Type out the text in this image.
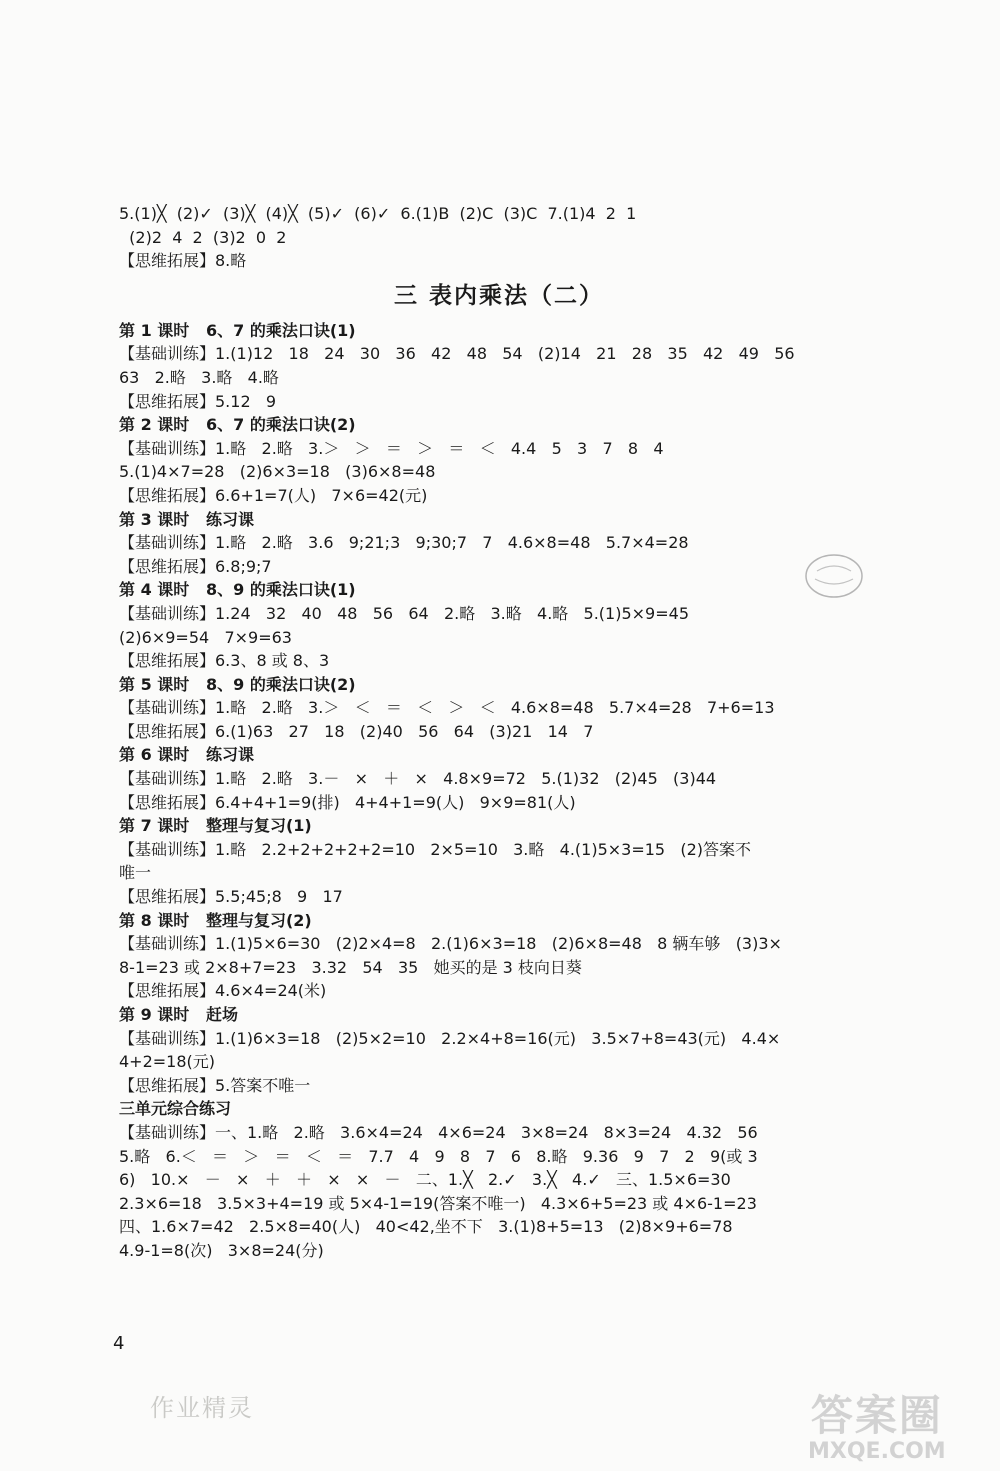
5.(1)╳  (2)✓  (3)╳  (4)╳  (5)✓  (6)✓  6.(1)B  (2)C  (3)C  7.(1)4  2  1
(2)2  4  2  (3)2  0  2
【思维拓展】8.略
三 表内乘法（二）
第 1 课时   6、7 的乘法口诀(1)
【基础训练】1.(1)12   18   24   30   36   42   48   54   (2)14   21   28   35   42   49   56
63   2.略   3.略   4.略
【思维拓展】5.12   9
第 2 课时   6、7 的乘法口诀(2)
【基础训练】1.略   2.略   3.＞   ＞   ＝   ＞   ＝   ＜   4.4   5   3   7   8   4
5.(1)4×7=28   (2)6×3=18   (3)6×8=48
【思维拓展】6.6+1=7(人)   7×6=42(元)
第 3 课时   练习课
【基础训练】1.略   2.略   3.6   9;21;3   9;30;7   7   4.6×8=48   5.7×4=28
【思维拓展】6.8;9;7
第 4 课时   8、9 的乘法口诀(1)
【基础训练】1.24   32   40   48   56   64   2.略   3.略   4.略   5.(1)5×9=45
(2)6×9=54   7×9=63
【思维拓展】6.3、8 或 8、3
第 5 课时   8、9 的乘法口诀(2)
【基础训练】1.略   2.略   3.＞   ＜   ＝   ＜   ＞   ＜   4.6×8=48   5.7×4=28   7+6=13
【思维拓展】6.(1)63   27   18   (2)40   56   64   (3)21   14   7
第 6 课时   练习课
【基础训练】1.略   2.略   3.－   ×   ＋   ×   4.8×9=72   5.(1)32   (2)45   (3)44
【思维拓展】6.4+4+1=9(排)   4+4+1=9(人)   9×9=81(人)
第 7 课时   整理与复习(1)
【基础训练】1.略   2.2+2+2+2+2=10   2×5=10   3.略   4.(1)5×3=15   (2)答案不
唯一
【思维拓展】5.5;45;8   9   17
第 8 课时   整理与复习(2)
【基础训练】1.(1)5×6=30   (2)2×4=8   2.(1)6×3=18   (2)6×8=48   8 辆车够   (3)3×
8-1=23 或 2×8+7=23   3.32   54   35   她买的是 3 枝向日葵
【思维拓展】4.6×4=24(米)
第 9 课时   赶场
【基础训练】1.(1)6×3=18   (2)5×2=10   2.2×4+8=16(元)   3.5×7+8=43(元)   4.4×
4+2=18(元)
【思维拓展】5.答案不唯一
三单元综合练习
【基础训练】一、1.略   2.略   3.6×4=24   4×6=24   3×8=24   8×3=24   4.32   56
5.略   6.＜   ＝   ＞   ＝   ＜   ＝   7.7   4   9   8   7   6   8.略   9.36   9   7   2   9(或 3
6)   10.×   －   ×   ＋   ＋   ×   ×   －   二、1.╳   2.✓   3.╳   4.✓   三、1.5×6=30
2.3×6=18   3.5×3+4=19 或 5×4-1=19(答案不唯一)   4.3×6+5=23 或 4×6-1=23
四、1.6×7=42   2.5×8=40(人)   40<42,坐不下   3.(1)8+5=13   (2)8×9+6=78
4.9-1=8(次)   3×8=24(分)
4
作业精灵	答案圈
MXQE.COM
